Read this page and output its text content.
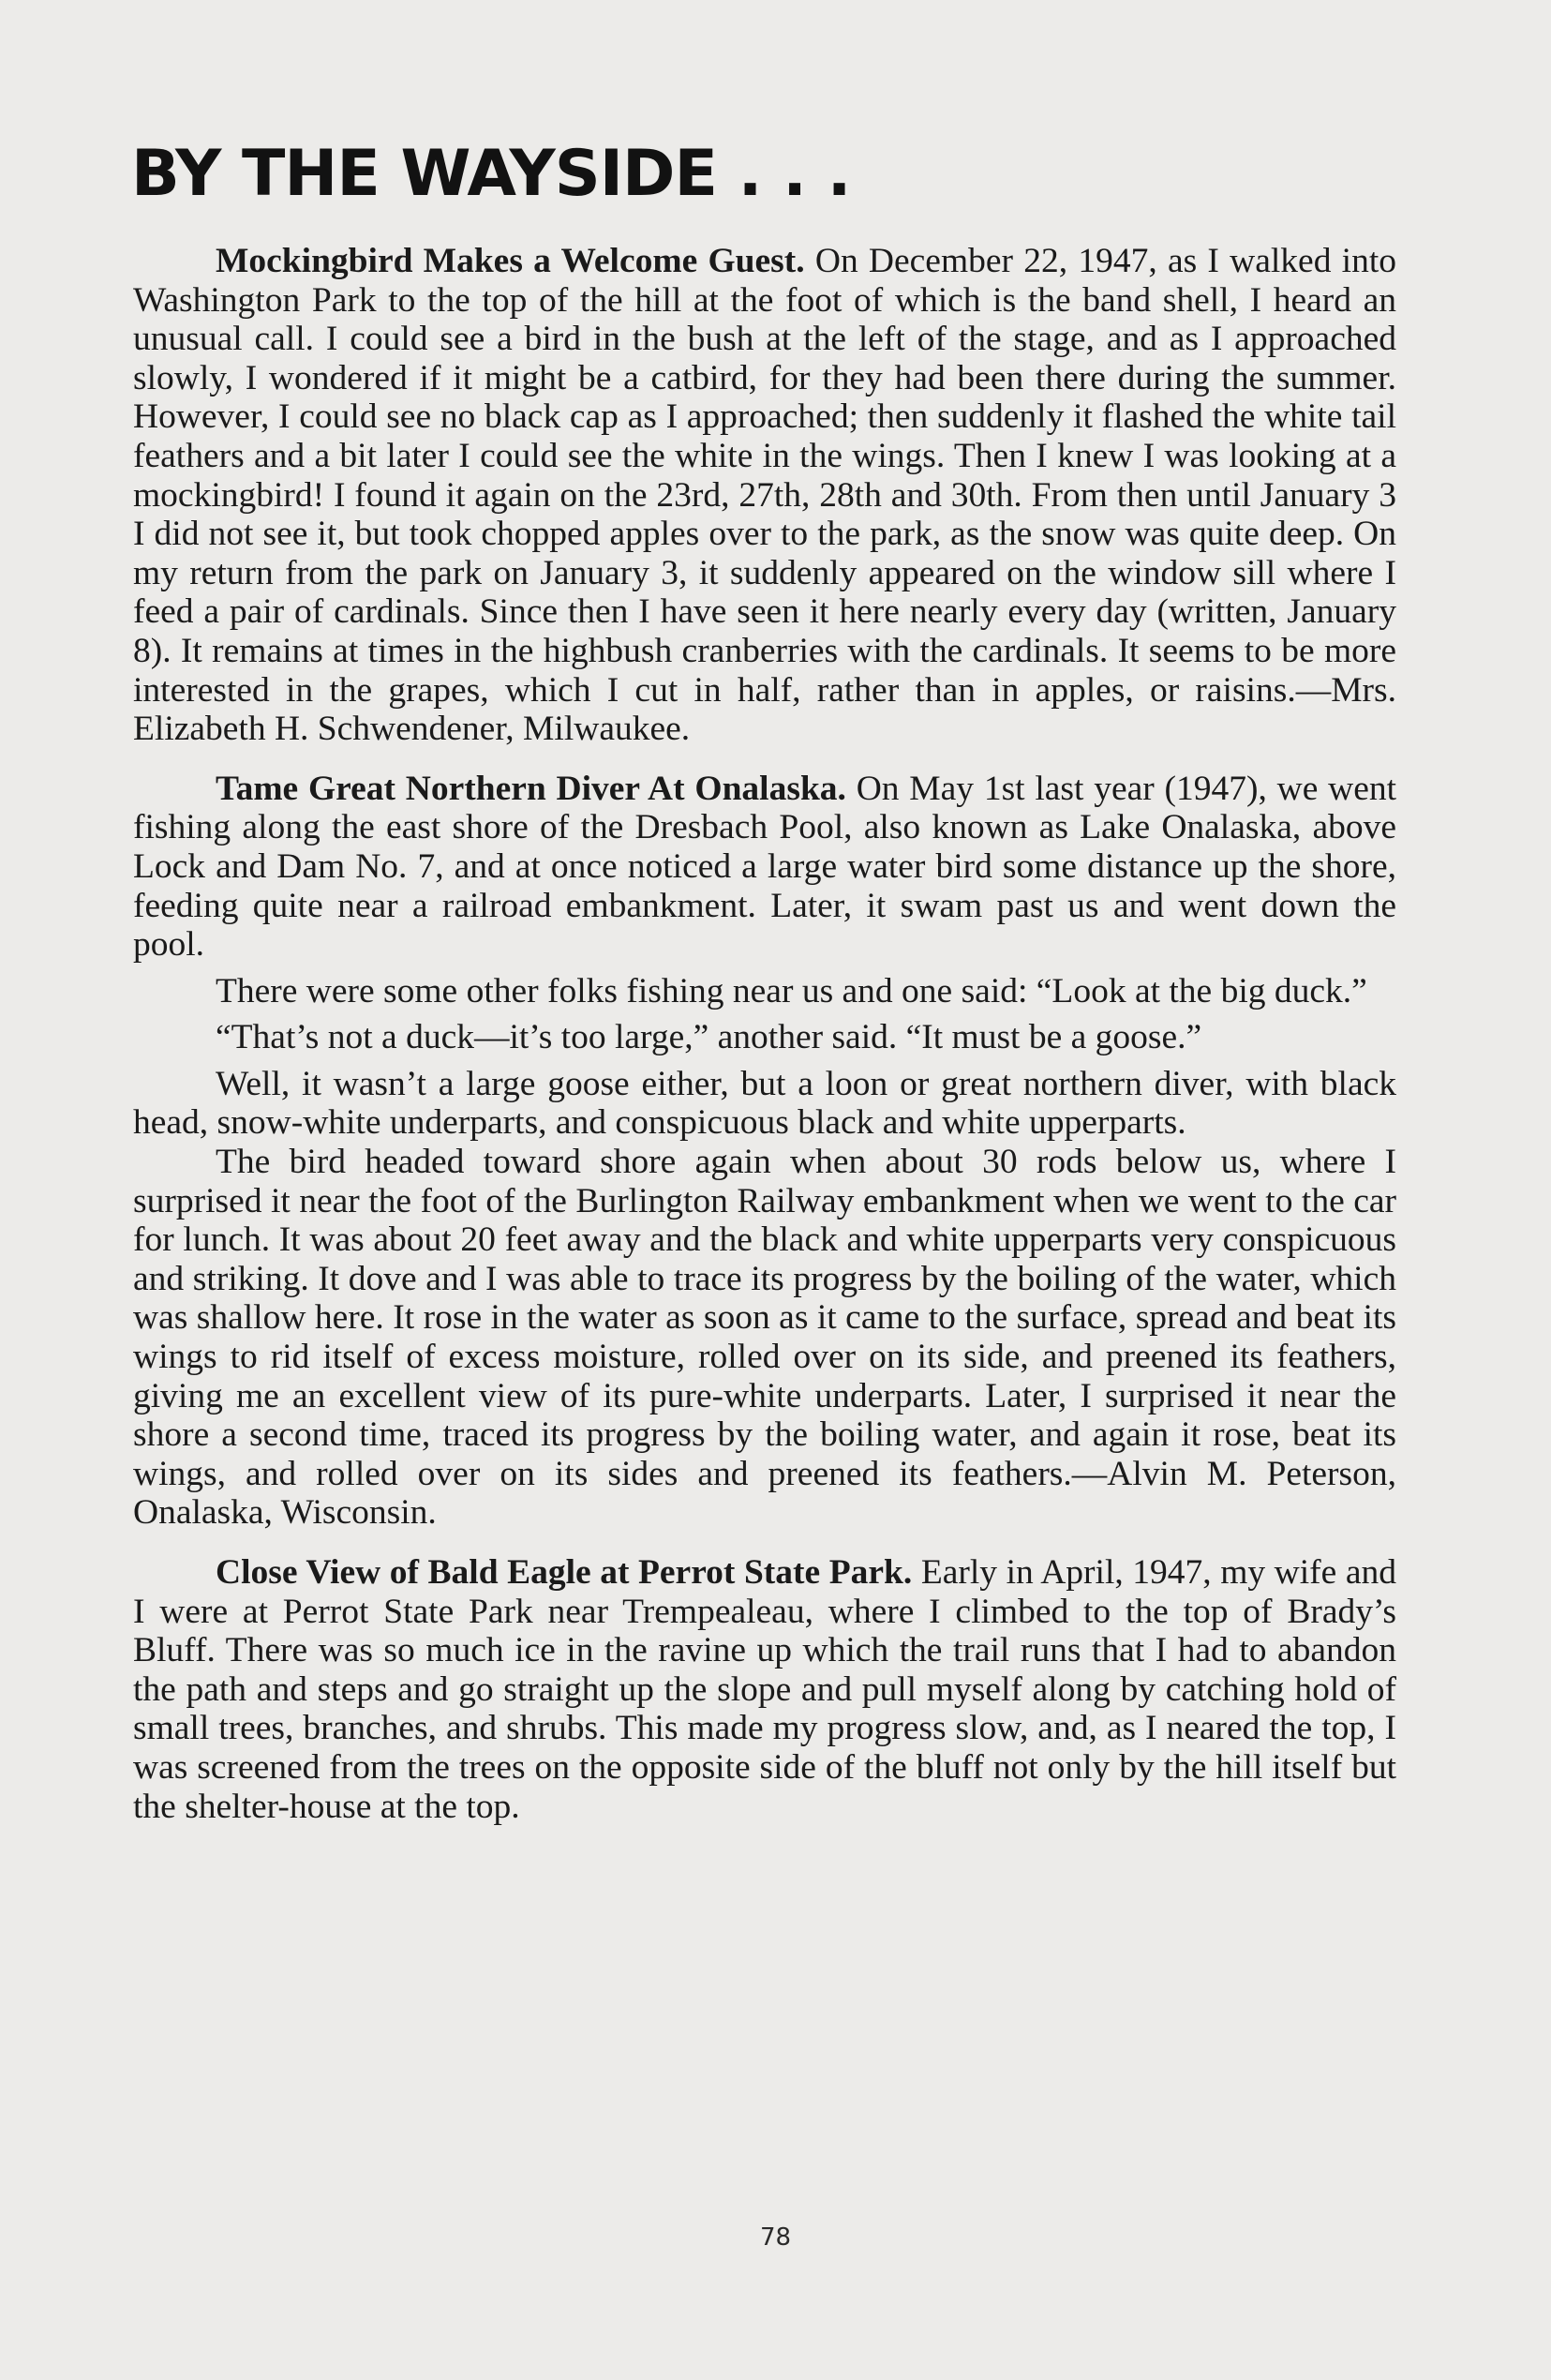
BY THE WAYSIDE . . .

Mockingbird Makes a Welcome Guest. On December 22, 1947, as I walked into Washington Park to the top of the hill at the foot of which is the band shell, I heard an unusual call. I could see a bird in the bush at the left of the stage, and as I approached slowly, I wondered if it might be a catbird, for they had been there during the summer. However, I could see no black cap as I approached; then suddenly it flashed the white tail feathers and a bit later I could see the white in the wings. Then I knew I was looking at a mockingbird! I found it again on the 23rd, 27th, 28th and 30th. From then until January 3 I did not see it, but took chopped apples over to the park, as the snow was quite deep. On my return from the park on January 3, it suddenly appeared on the window sill where I feed a pair of cardinals. Since then I have seen it here nearly every day (written, January 8). It remains at times in the highbush cranberries with the cardinals. It seems to be more interested in the grapes, which I cut in half, rather than in apples, or raisins.—Mrs. Elizabeth H. Schwendener, Milwaukee.

Tame Great Northern Diver At Onalaska. On May 1st last year (1947), we went fishing along the east shore of the Dresbach Pool, also known as Lake Onalaska, above Lock and Dam No. 7, and at once noticed a large water bird some distance up the shore, feeding quite near a railroad embankment. Later, it swam past us and went down the pool.

There were some other folks fishing near us and one said: “Look at the big duck.”

“That’s not a duck—it’s too large,” another said. “It must be a goose.”

Well, it wasn’t a large goose either, but a loon or great northern diver, with black head, snow-white underparts, and conspicuous black and white upperparts.

The bird headed toward shore again when about 30 rods below us, where I surprised it near the foot of the Burlington Railway embankment when we went to the car for lunch. It was about 20 feet away and the black and white upperparts very conspicuous and striking. It dove and I was able to trace its progress by the boiling of the water, which was shallow here. It rose in the water as soon as it came to the surface, spread and beat its wings to rid itself of excess moisture, rolled over on its side, and preened its feathers, giving me an excellent view of its pure-white underparts. Later, I surprised it near the shore a second time, traced its progress by the boiling water, and again it rose, beat its wings, and rolled over on its sides and preened its feathers.—Alvin M. Peterson, Onalaska, Wisconsin.

Close View of Bald Eagle at Perrot State Park. Early in April, 1947, my wife and I were at Perrot State Park near Trempealeau, where I climbed to the top of Brady’s Bluff. There was so much ice in the ravine up which the trail runs that I had to abandon the path and steps and go straight up the slope and pull myself along by catching hold of small trees, branches, and shrubs. This made my progress slow, and, as I neared the top, I was screened from the trees on the opposite side of the bluff not only by the hill itself but the shelter-house at the top.

78
